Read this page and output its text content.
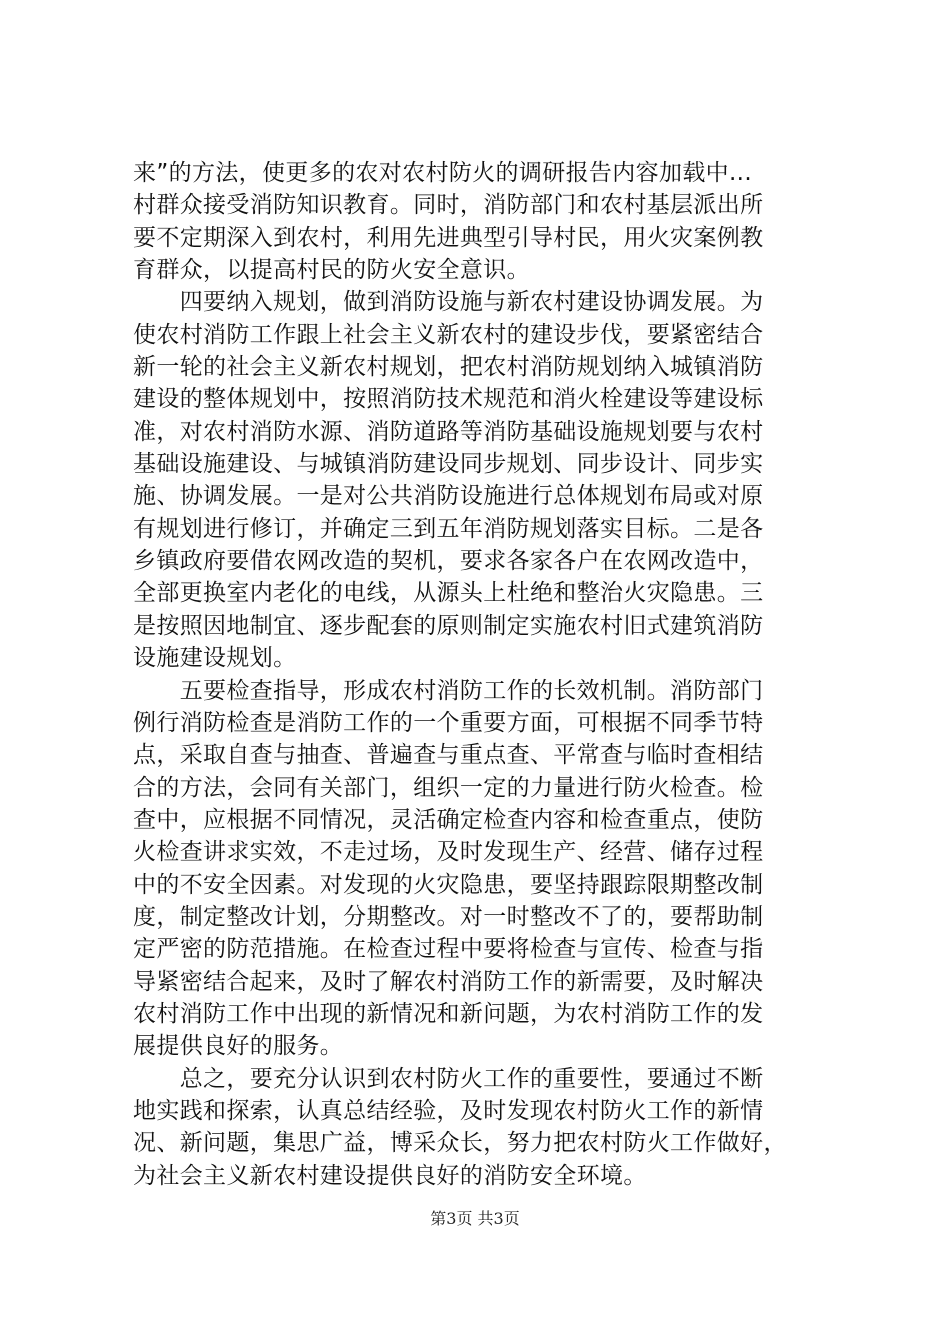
来”的方法，使更多的农对农村防火的调研报告内容加载中...
村群众接受消防知识教育。同时，消防部门和农村基层派出所
要不定期深入到农村，利用先进典型引导村民，用火灾案例教
育群众，以提高村民的防火安全意识。
　　四要纳入规划，做到消防设施与新农村建设协调发展。为
使农村消防工作跟上社会主义新农村的建设步伐，要紧密结合
新一轮的社会主义新农村规划，把农村消防规划纳入城镇消防
建设的整体规划中，按照消防技术规范和消火栓建设等建设标
准，对农村消防水源、消防道路等消防基础设施规划要与农村
基础设施建设、与城镇消防建设同步规划、同步设计、同步实
施、协调发展。一是对公共消防设施进行总体规划布局或对原
有规划进行修订，并确定三到五年消防规划落实目标。二是各
乡镇政府要借农网改造的契机，要求各家各户在农网改造中，
全部更换室内老化的电线，从源头上杜绝和整治火灾隐患。三
是按照因地制宜、逐步配套的原则制定实施农村旧式建筑消防
设施建设规划。
　　五要检查指导，形成农村消防工作的长效机制。消防部门
例行消防检查是消防工作的一个重要方面，可根据不同季节特
点，采取自查与抽查、普遍查与重点查、平常查与临时查相结
合的方法，会同有关部门，组织一定的力量进行防火检查。检
查中，应根据不同情况，灵活确定检查内容和检查重点，使防
火检查讲求实效，不走过场，及时发现生产、经营、储存过程
中的不安全因素。对发现的火灾隐患，要坚持跟踪限期整改制
度，制定整改计划，分期整改。对一时整改不了的，要帮助制
定严密的防范措施。在检查过程中要将检查与宣传、检查与指
导紧密结合起来，及时了解农村消防工作的新需要，及时解决
农村消防工作中出现的新情况和新问题，为农村消防工作的发
展提供良好的服务。
　　总之，要充分认识到农村防火工作的重要性，要通过不断
地实践和探索，认真总结经验，及时发现农村防火工作的新情
况、新问题，集思广益，博采众长，努力把农村防火工作做好，
为社会主义新农村建设提供良好的消防安全环境。
第3页 共3页
